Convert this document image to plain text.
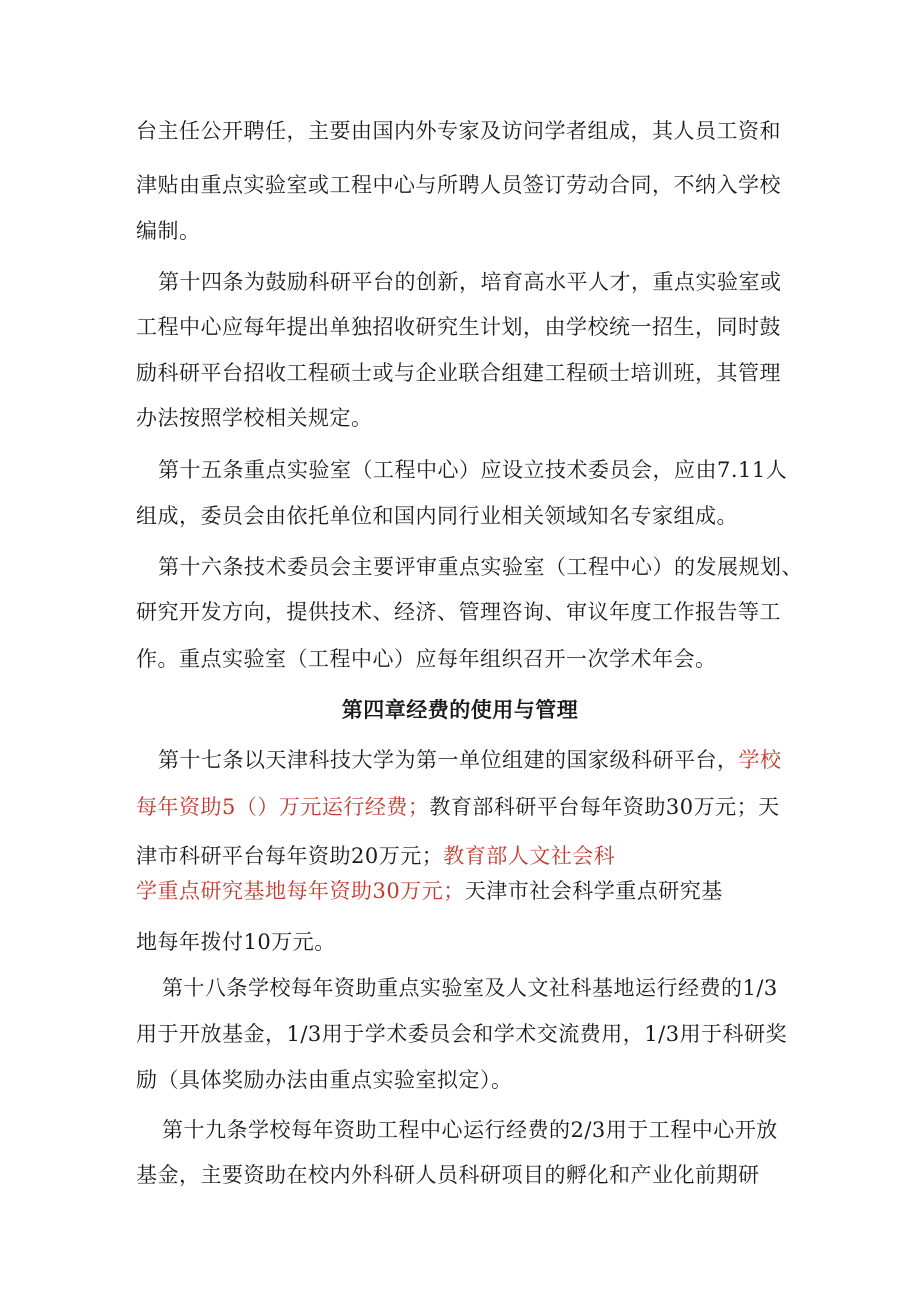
台主任公开聘任，主要由国内外专家及访问学者组成，其人员工资和
津贴由重点实验室或工程中心与所聘人员签订劳动合同，不纳入学校
编制。
第十四条为鼓励科研平台的创新，培育高水平人才，重点实验室或
工程中心应每年提出单独招收研究生计划，由学校统一招生，同时鼓
励科研平台招收工程硕士或与企业联合组建工程硕士培训班，其管理
办法按照学校相关规定。
第十五条重点实验室（工程中心）应设立技术委员会，应由7.11人
组成，委员会由依托单位和国内同行业相关领域知名专家组成。
第十六条技术委员会主要评审重点实验室（工程中心）的发展规划、
研究开发方向，提供技术、经济、管理咨询、审议年度工作报告等工
作。重点实验室（工程中心）应每年组织召开一次学术年会。
第四章经费的使用与管理
第十七条以天津科技大学为第一单位组建的国家级科研平台，学校
每年资助5（）万元运行经费；教育部科研平台每年资助30万元；天
津市科研平台每年资助20万元；教育部人文社会科
学重点研究基地每年资助30万元；天津市社会科学重点研究基
地每年拨付10万元。
第十八条学校每年资助重点实验室及人文社科基地运行经费的1/3
用于开放基金，1/3用于学术委员会和学术交流费用，1/3用于科研奖
励（具体奖励办法由重点实验室拟定）。
第十九条学校每年资助工程中心运行经费的2/3用于工程中心开放
基金，主要资助在校内外科研人员科研项目的孵化和产业化前期研
